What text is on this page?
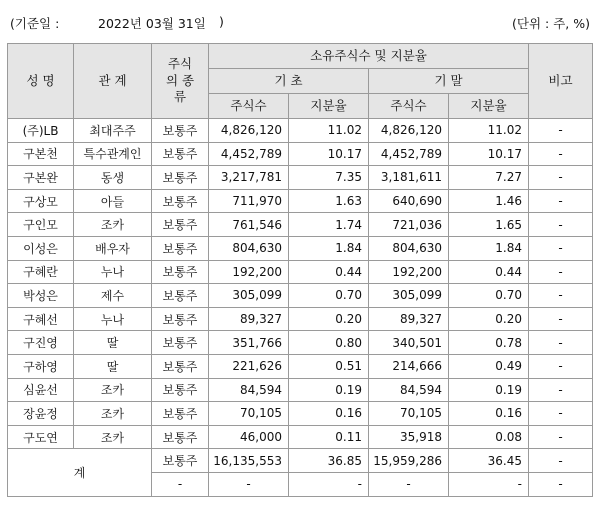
(기준일 :	2022년 03월 31일 )	(단위 : 주, %)
성 명	관 계	주식의 종류	소유주식수 및 지분율				비고
			기 초		기 말		
			주식수	지분율	주식수	지분율	
(주)LB	최대주주	보통주	4,826,120	11.02	4,826,120	11.02	-
구본천	특수관계인	보통주	4,452,789	10.17	4,452,789	10.17	-
구본완	동생	보통주	3,217,781	7.35	3,181,611	7.27	-
구상모	아들	보통주	711,970	1.63	640,690	1.46	-
구인모	조카	보통주	761,546	1.74	721,036	1.65	-
이성은	배우자	보통주	804,630	1.84	804,630	1.84	-
구혜란	누나	보통주	192,200	0.44	192,200	0.44	-
박성은	제수	보통주	305,099	0.70	305,099	0.70	-
구혜선	누나	보통주	89,327	0.20	89,327	0.20	-
구진영	딸	보통주	351,766	0.80	340,501	0.78	-
구하영	딸	보통주	221,626	0.51	214,666	0.49	-
심윤선	조카	보통주	84,594	0.19	84,594	0.19	-
장윤정	조카	보통주	70,105	0.16	70,105	0.16	-
구도연	조카	보통주	46,000	0.11	35,918	0.08	-
계		보통주	16,135,553	36.85	15,959,286	36.45	-
		-	-	-	-	-	-
